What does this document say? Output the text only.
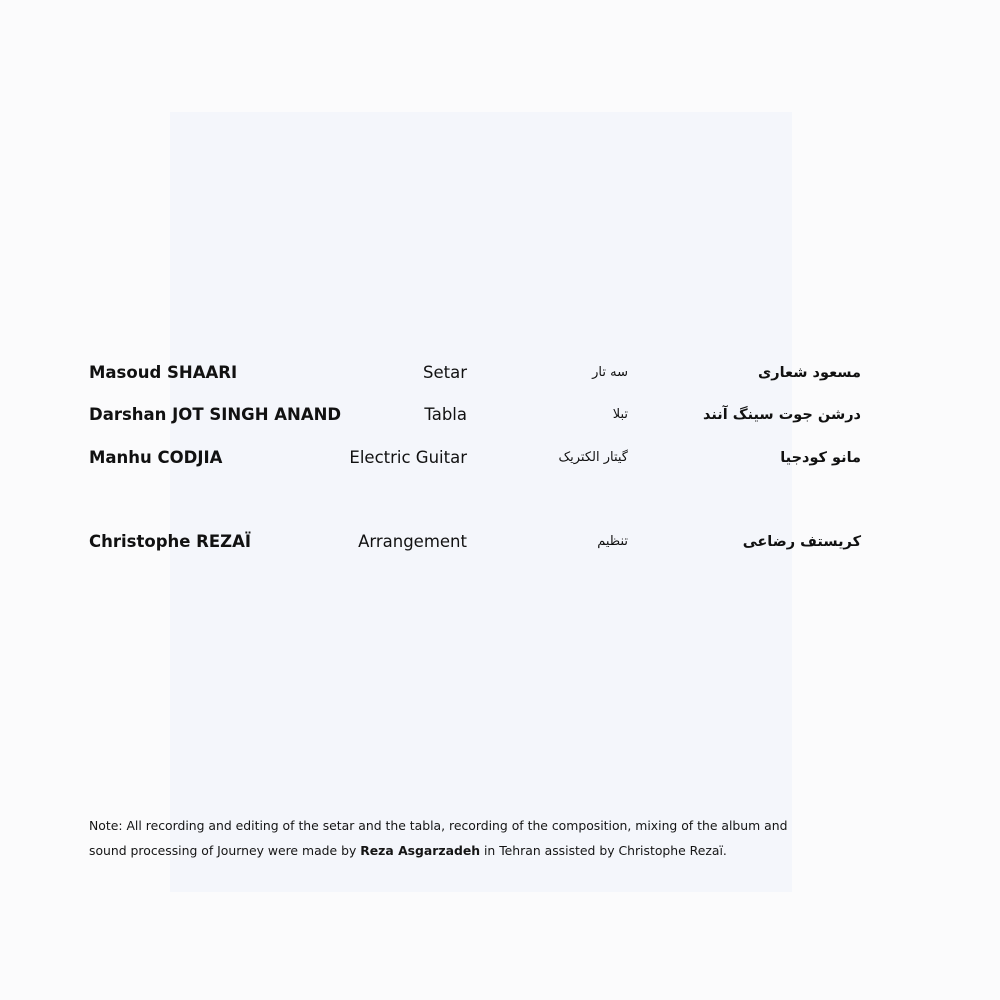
Masoud SHAARI	Setar	سه تار	مسعود شعاری
Darshan JOT SINGH ANAND	Tabla	تبلا	درشن جوت سینگ آنند
Manhu CODJIA	Electric Guitar	گیتار الکتریک	مانو کودجیا
Christophe REZAÏ	Arrangement	تنظیم	کریستف رضاعی
Note: All recording and editing of the setar and the tabla, recording of the composition, mixing of the album and
sound processing of Journey were made by Reza Asgarzadeh in Tehran assisted by Christophe Rezaï.
